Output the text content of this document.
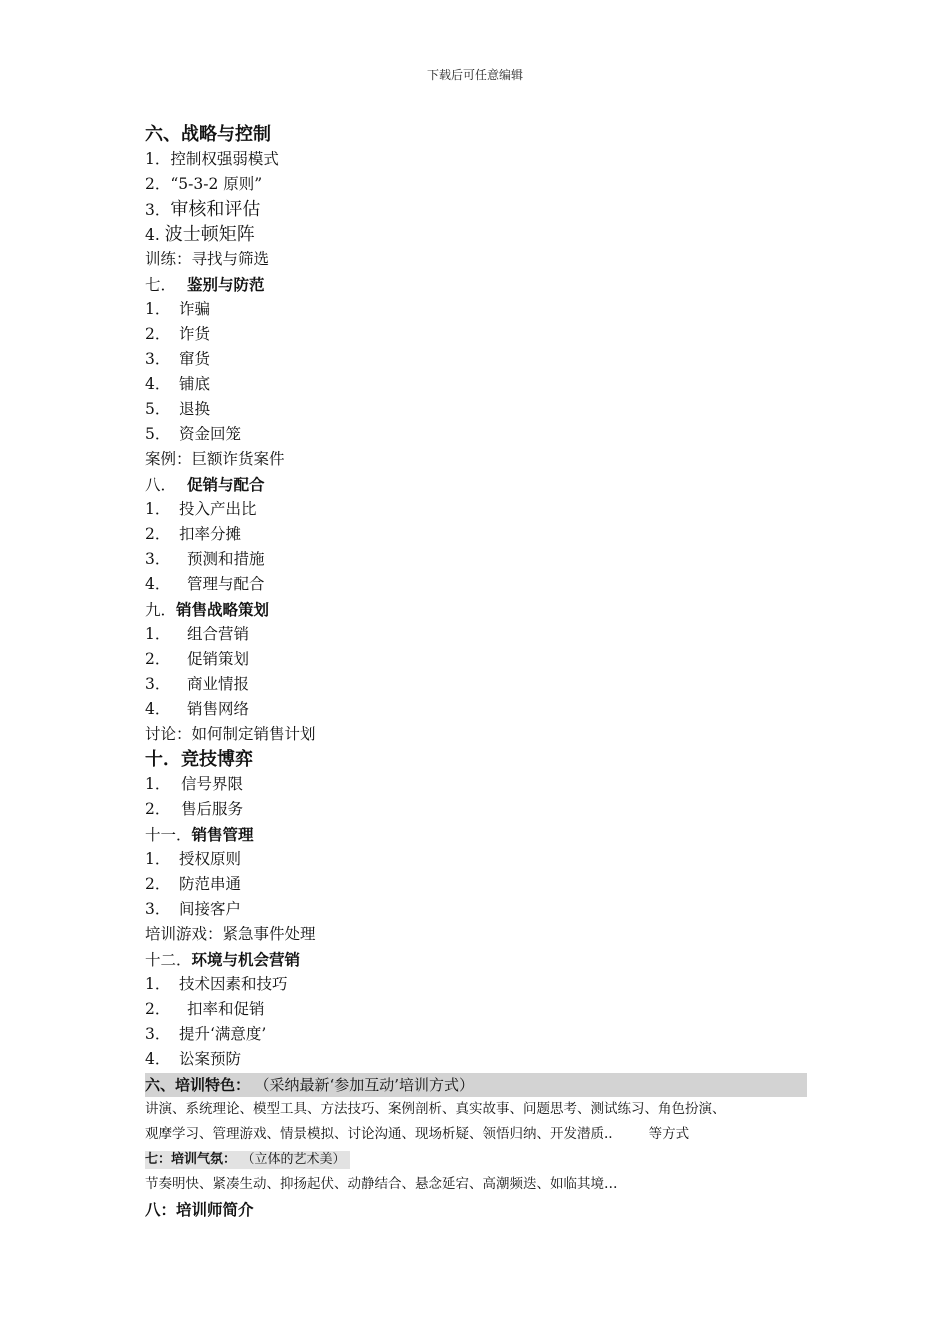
下载后可任意编辑
六、战略与控制
1．控制权强弱模式
2．“5-3-2 原则”
3．审核和评估
4. 波士顿矩阵
训练：寻找与筛选
七． 鉴别与防范
1． 诈骗
2． 诈货
3． 窜货
4． 铺底
5． 退换
5． 资金回笼
案例：巨额诈货案件
八． 促销与配合
1． 投入产出比
2． 扣率分摊
3． 预测和措施
4． 管理与配合
九．销售战略策划
1． 组合营销
2． 促销策划
3． 商业情报
4． 销售网络
讨论：如何制定销售计划
十．竞技博弈
1． 信号界限
2． 售后服务
十一．销售管理
1． 授权原则
2． 防范串通
3． 间接客户
培训游戏：紧急事件处理
十二．环境与机会营销
1． 技术因素和技巧
2． 扣率和促销
3． 提升‘满意度’
4． 讼案预防
六、培训特色： （采纳最新‘参加互动’培训方式）
讲演、系统理论、模型工具、方法技巧、案例剖析、真实故事、问题思考、测试练习、角色扮演、
观摩学习、管理游戏、情景模拟、讨论沟通、现场析疑、领悟归纳、开发潜质..	等方式
七：培训气氛： （立体的艺术美）
节奏明快、紧凑生动、抑扬起伏、动静结合、悬念延宕、高潮频迭、如临其境…
八：培训师简介
